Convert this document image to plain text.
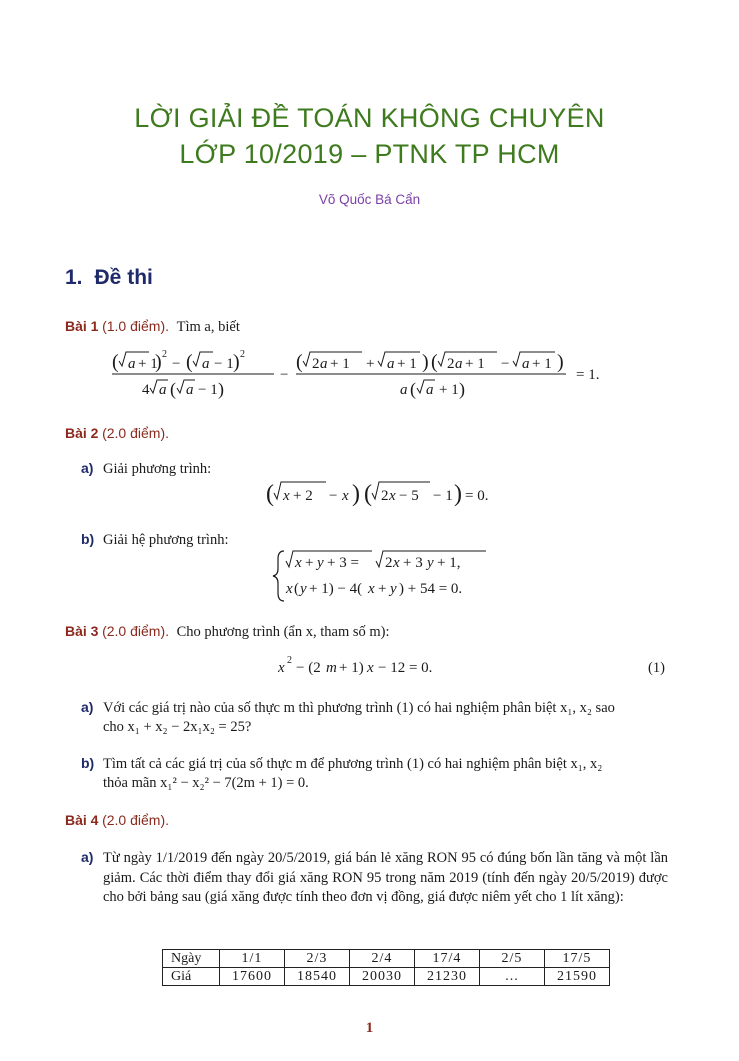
LỜI GIẢI ĐỀ TOÁN KHÔNG CHUYÊN
LỚP 10/2019 – PTNK TP HCM
Võ Quốc Bá Cẩn
1. Đề thi
Bài 1 (1.0 điểm). Tìm a, biết
( a + 1
) 2
− ( a − 1 ) 2
4 a ( a − 1 )
−
( 2 a + 1 + a + 1 ) ( 2 a + 1 − a + 1 )
a ( a + 1 )
= 1.
Bài 2 (2.0 điểm).
a) Giải phương trình:
( x + 2 − x ) ( 2 x − 5 − 1 ) = 0.
b) Giải hệ phương trình:
x + y + 3 = 2 x + 3 y + 1,
x ( y + 1) − 4( x + y ) + 54 = 0.
Bài 3 (2.0 điểm). Cho phương trình (ẩn x, tham số m):
x 2 − (2 m + 1) x − 12 = 0.	(1)
a) Với các giá trị nào của số thực m thì phương trình (1) có hai nghiệm phân biệt x₁, x₂ sao
cho x₁ + x₂ − 2x₁x₂ = 25?
b) Tìm tất cả các giá trị của số thực m để phương trình (1) có hai nghiệm phân biệt x₁, x₂
thỏa mãn x₁² − x₂² − 7(2m + 1) = 0.
Bài 4 (2.0 điểm).
a) Từ ngày 1/1/2019 đến ngày 20/5/2019, giá bán lẻ xăng RON 95 có đúng bốn lần tăng và một lần giảm. Các thời điểm thay đổi giá xăng RON 95 trong năm 2019 (tính đến ngày 20/5/2019) được cho bởi bảng sau (giá xăng được tính theo đơn vị đồng, giá được niêm yết cho 1 lít xăng):
Ngày	1/1	2/3	2/4	17/4	2/5	17/5
Giá	17600	18540	20030	21230	...	21590
1
